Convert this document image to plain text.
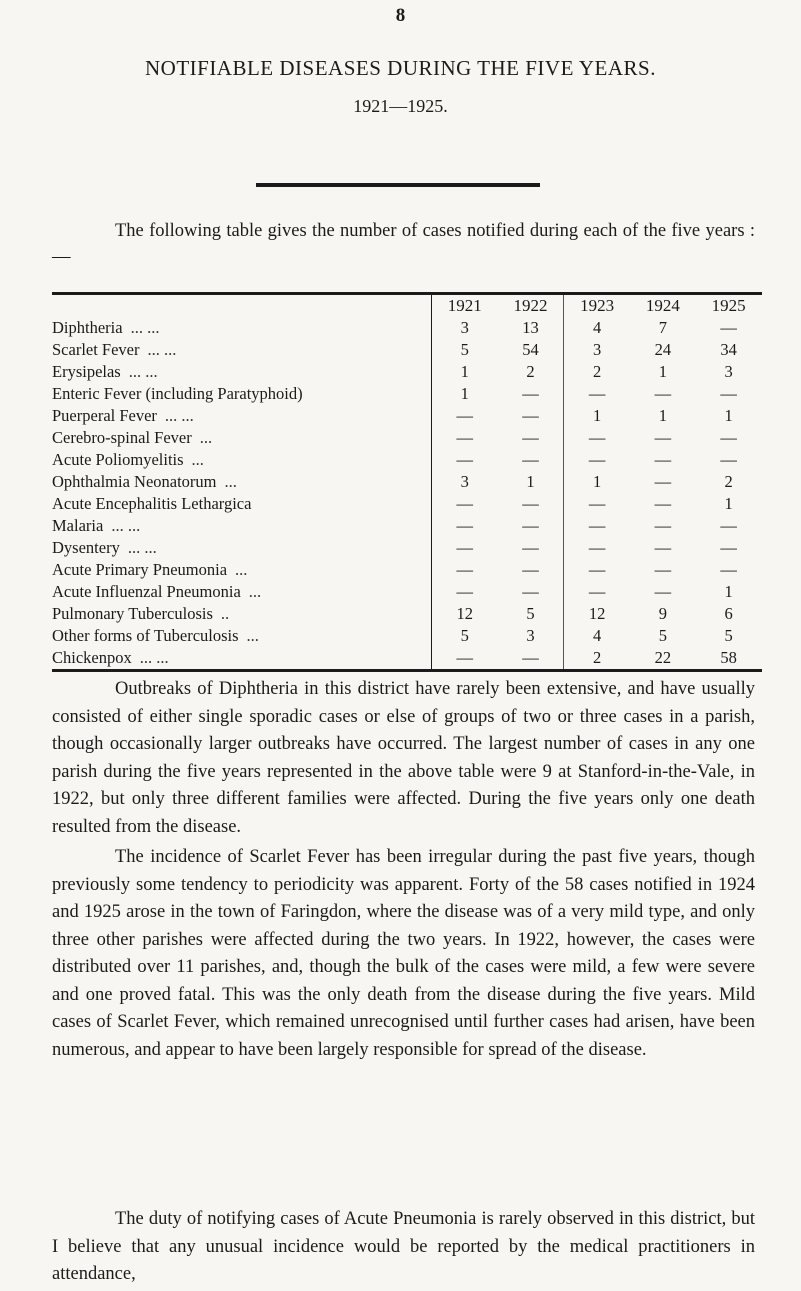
8
NOTIFIABLE DISEASES DURING THE FIVE YEARS.
1921—1925.
The following table gives the number of cases notified during each of the five years :—
	1921	1922	1923	1924	1925
Diphtheria ... ...	3	13	4	7	—
Scarlet Fever ... ...	5	54	3	24	34
Erysipelas ... ...	1	2	2	1	3
Enteric Fever (including Paratyphoid)	1	—	—	—	—
Puerperal Fever ... ...	—	—	1	1	1
Cerebro-spinal Fever ...	—	—	—	—	—
Acute Poliomyelitis ...	—	—	—	—	—
Ophthalmia Neonatorum ...	3	1	1	—	2
Acute Encephalitis Lethargica	—	—	—	—	1
Malaria ... ...	—	—	—	—	—
Dysentery ... ...	—	—	—	—	—
Acute Primary Pneumonia ...	—	—	—	—	—
Acute Influenzal Pneumonia ...	—	—	—	—	1
Pulmonary Tuberculosis ..	12	5	12	9	6
Other forms of Tuberculosis ...	5	3	4	5	5
Chickenpox ... ...	—	—	2	22	58
Outbreaks of Diphtheria in this district have rarely been extensive, and have usually consisted of either single sporadic cases or else of groups of two or three cases in a parish, though occasionally larger outbreaks have occurred. The largest number of cases in any one parish during the five years represented in the above table were 9 at Stanford-in-the-Vale, in 1922, but only three different families were affected. During the five years only one death resulted from the disease.
The incidence of Scarlet Fever has been irregular during the past five years, though previously some tendency to periodicity was apparent. Forty of the 58 cases notified in 1924 and 1925 arose in the town of Faringdon, where the disease was of a very mild type, and only three other parishes were affected during the two years. In 1922, however, the cases were distributed over 11 parishes, and, though the bulk of the cases were mild, a few were severe and one proved fatal. This was the only death from the disease during the five years. Mild cases of Scarlet Fever, which remained unrecognised until further cases had arisen, have been numerous, and appear to have been largely responsible for spread of the disease.
The duty of notifying cases of Acute Pneumonia is rarely observed in this district, but I believe that any unusual incidence would be reported by the medical practitioners in attendance,
